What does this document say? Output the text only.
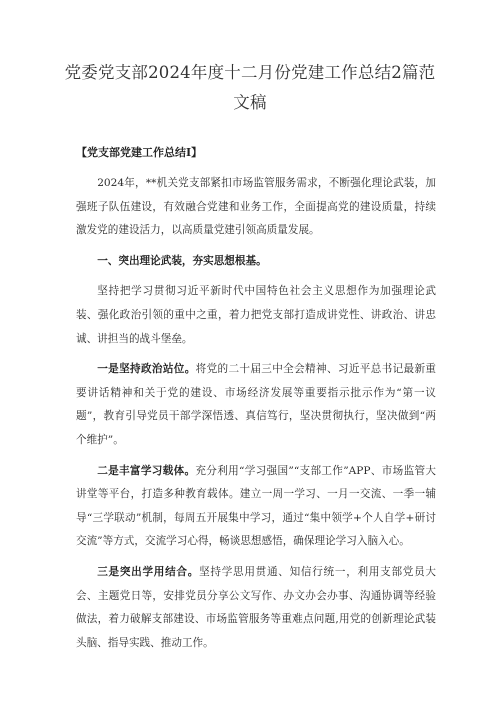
党委党支部2024年度十二月份党建工作总结2篇范文稿
【党支部党建工作总结Ⅰ】

2024年，**机关党支部紧扣市场监管服务需求，不断强化理论武装，加强班子队伍建设，有效融合党建和业务工作，全面提高党的建设质量，持续激发党的建设活力，以高质量党建引领高质量发展。

一、突出理论武装，夯实思想根基。

坚持把学习贯彻习近平新时代中国特色社会主义思想作为加强理论武装、强化政治引领的重中之重，着力把党支部打造成讲党性、讲政治、讲忠诚、讲担当的战斗堡垒。

一是坚持政治站位。将党的二十届三中全会精神、习近平总书记最新重要讲话精神和关于党的建设、市场经济发展等重要指示批示作为“第一议题”，教育引导党员干部学深悟透、真信笃行，坚决贯彻执行，坚决做到“两个维护”。

二是丰富学习载体。充分利用“学习强国”“支部工作”APP、市场监管大讲堂等平台，打造多种教育载体。建立一周一学习、一月一交流、一季一辅导“三学联动”机制，每周五开展集中学习，通过“集中领学+个人自学+研讨交流”等方式，交流学习心得，畅谈思想感悟，确保理论学习入脑入心。

三是突出学用结合。坚持学思用贯通、知信行统一，利用支部党员大会、主题党日等，安排党员分享公文写作、办文办会办事、沟通协调等经验做法，着力破解支部建设、市场监管服务等重难点问题,用党的创新理论武装头脑、指导实践、推动工作。
